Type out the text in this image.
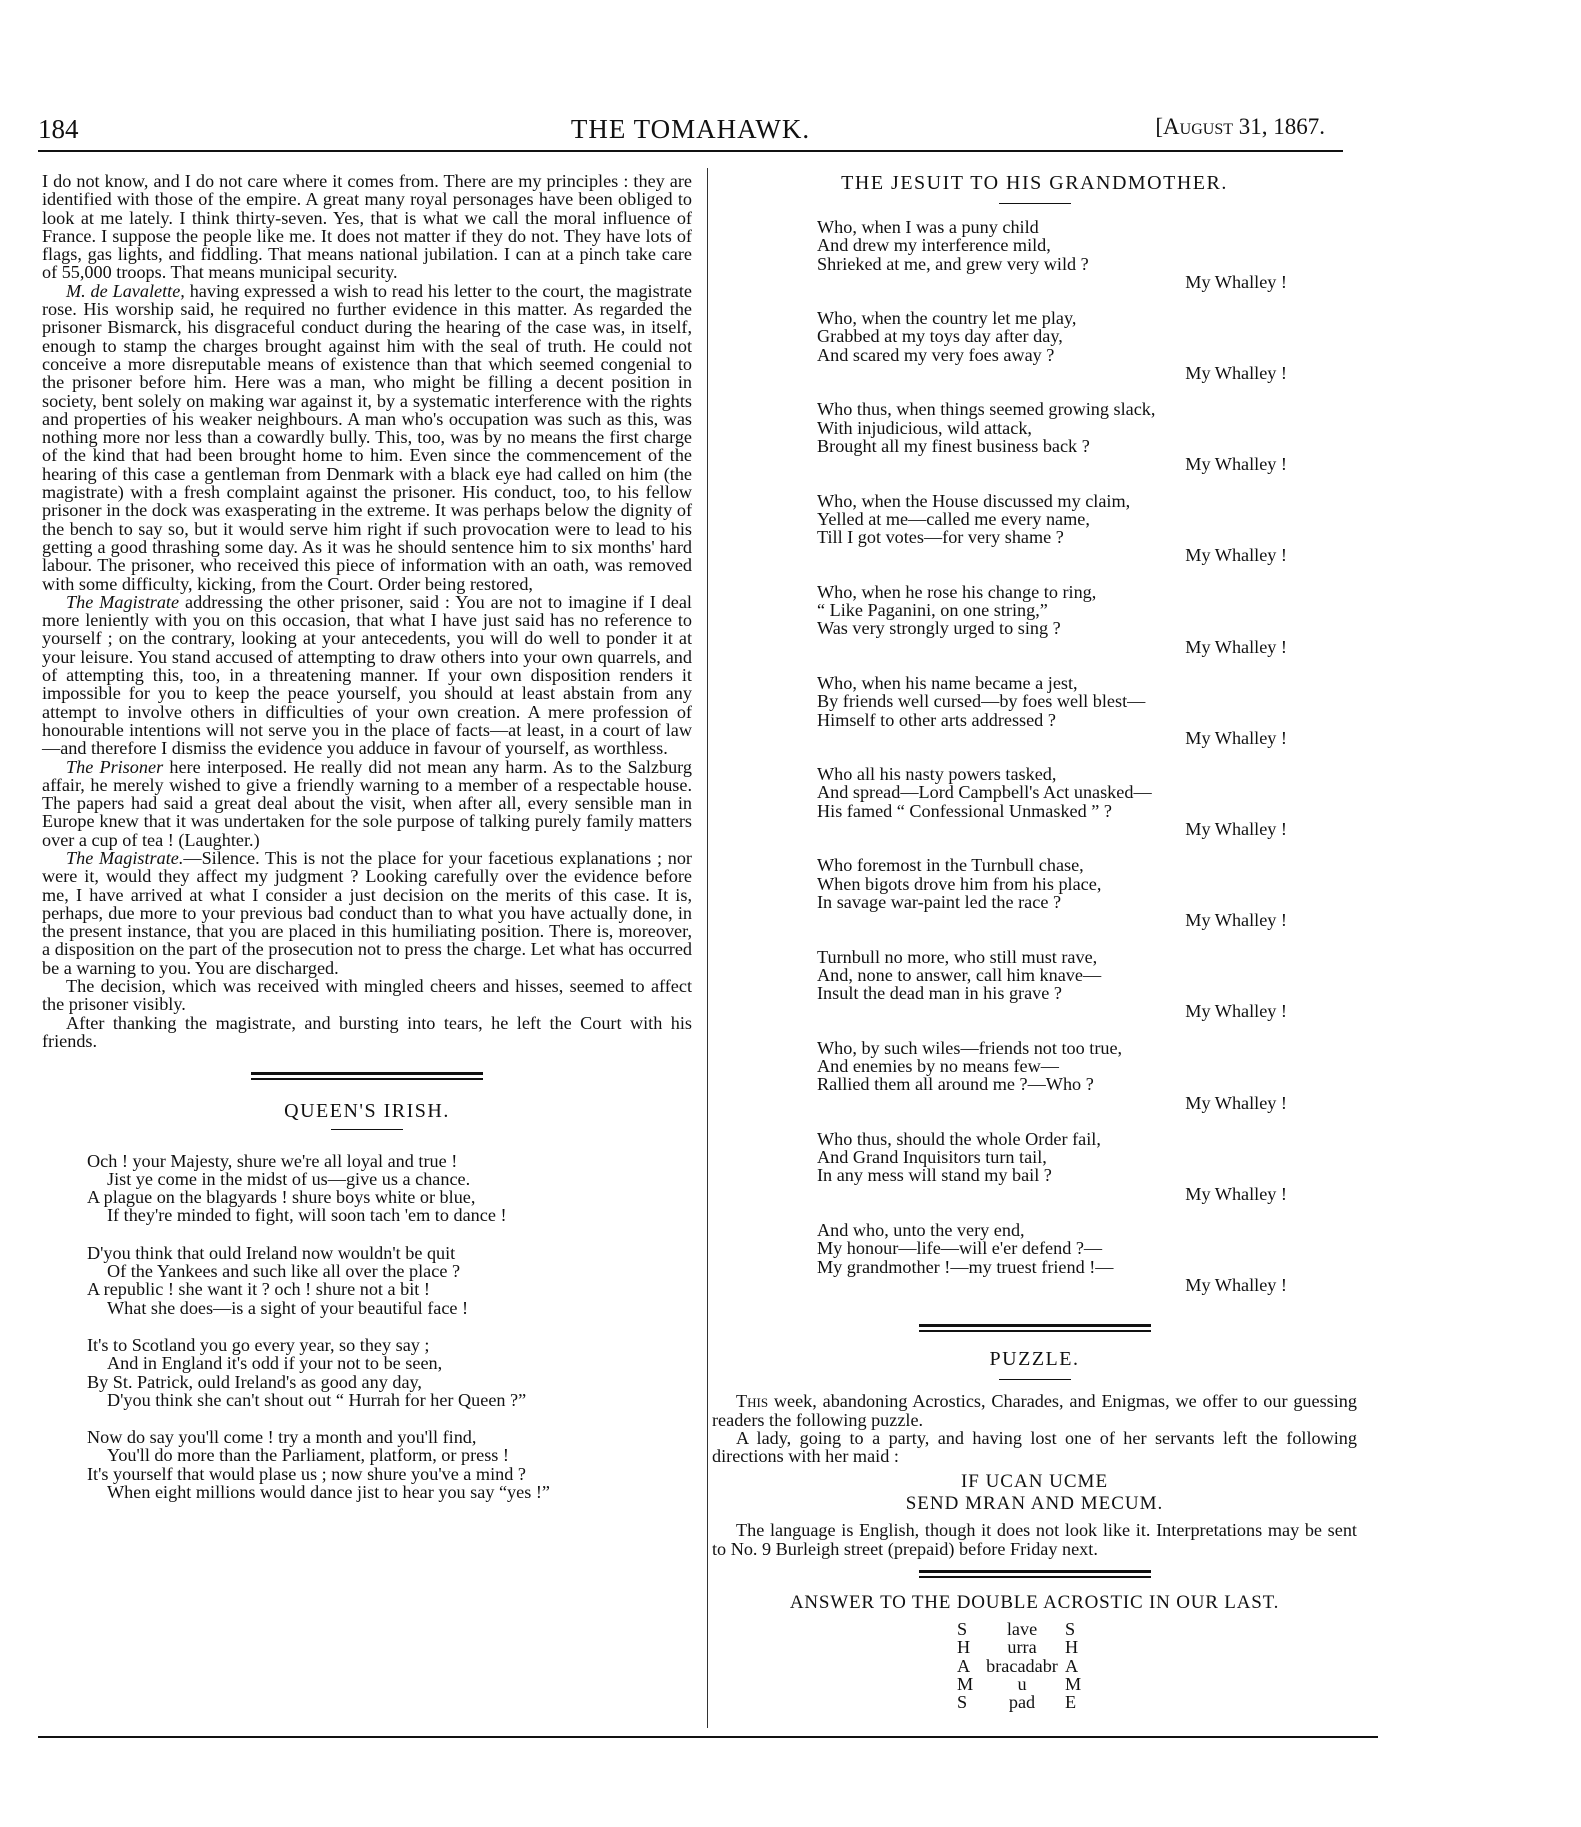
184	THE TOMAHAWK.	[August 31, 1867.

I do not know, and I do not care where it comes from. There are my principles : they are identified with those of the empire. A great many royal personages have been obliged to look at me lately. I think thirty-seven. Yes, that is what we call the moral influence of France. I suppose the people like me. It does not matter if they do not. They have lots of flags, gas lights, and fiddling. That means national jubilation. I can at a pinch take care of 55,000 troops. That means municipal security.

M. de Lavalette, having expressed a wish to read his letter to the court, the magistrate rose. His worship said, he required no further evidence in this matter. As regarded the prisoner Bismarck, his disgraceful conduct during the hearing of the case was, in itself, enough to stamp the charges brought against him with the seal of truth. He could not conceive a more disreputable means of existence than that which seemed congenial to the prisoner before him. Here was a man, who might be filling a decent position in society, bent solely on making war against it, by a systematic interference with the rights and properties of his weaker neighbours. A man who's occupation was such as this, was nothing more nor less than a cowardly bully. This, too, was by no means the first charge of the kind that had been brought home to him. Even since the commencement of the hearing of this case a gentleman from Denmark with a black eye had called on him (the magistrate) with a fresh complaint against the prisoner. His conduct, too, to his fellow prisoner in the dock was exasperating in the extreme. It was perhaps below the dignity of the bench to say so, but it would serve him right if such provocation were to lead to his getting a good thrashing some day. As it was he should sentence him to six months' hard labour. The prisoner, who received this piece of information with an oath, was removed with some difficulty, kicking, from the Court. Order being restored,

The Magistrate addressing the other prisoner, said : You are not to imagine if I deal more leniently with you on this occasion, that what I have just said has no reference to yourself ; on the contrary, looking at your antecedents, you will do well to ponder it at your leisure. You stand accused of attempting to draw others into your own quarrels, and of attempting this, too, in a threatening manner. If your own disposition renders it impossible for you to keep the peace yourself, you should at least abstain from any attempt to involve others in difficulties of your own creation. A mere profession of honourable intentions will not serve you in the place of facts—at least, in a court of law—and therefore I dismiss the evidence you adduce in favour of yourself, as worthless.

The Prisoner here interposed. He really did not mean any harm. As to the Salzburg affair, he merely wished to give a friendly warning to a member of a respectable house. The papers had said a great deal about the visit, when after all, every sensible man in Europe knew that it was undertaken for the sole purpose of talking purely family matters over a cup of tea ! (Laughter.)

The Magistrate.—Silence. This is not the place for your facetious explanations ; nor were it, would they affect my judgment ? Looking carefully over the evidence before me, I have arrived at what I consider a just decision on the merits of this case. It is, perhaps, due more to your previous bad conduct than to what you have actually done, in the present instance, that you are placed in this humiliating position. There is, moreover, a disposition on the part of the prosecution not to press the charge. Let what has occurred be a warning to you. You are discharged.

The decision, which was received with mingled cheers and hisses, seemed to affect the prisoner visibly.

After thanking the magistrate, and bursting into tears, he left the Court with his friends.

QUEEN'S IRISH.
Och ! your Majesty, shure we're all loyal and true !
Jist ye come in the midst of us—give us a chance.
A plague on the blagyards ! shure boys white or blue,
If they're minded to fight, will soon tach 'em to dance !
D'you think that ould Ireland now wouldn't be quit
Of the Yankees and such like all over the place ?
A republic ! she want it ? och ! shure not a bit !
What she does—is a sight of your beautiful face !
It's to Scotland you go every year, so they say ;
And in England it's odd if your not to be seen,
By St. Patrick, ould Ireland's as good any day,
D'you think she can't shout out “ Hurrah for her Queen ?”
Now do say you'll come ! try a month and you'll find,
You'll do more than the Parliament, platform, or press !
It's yourself that would plase us ; now shure you've a mind ?
When eight millions would dance jist to hear you say “yes !”
THE JESUIT TO HIS GRANDMOTHER.
Who, when I was a puny child
And drew my interference mild,
Shrieked at me, and grew very wild ?
My Whalley !
Who, when the country let me play,
Grabbed at my toys day after day,
And scared my very foes away ?
My Whalley !
Who thus, when things seemed growing slack,
With injudicious, wild attack,
Brought all my finest business back ?
My Whalley !
Who, when the House discussed my claim,
Yelled at me—called me every name,
Till I got votes—for very shame ?
My Whalley !
Who, when he rose his change to ring,
“ Like Paganini, on one string,”
Was very strongly urged to sing ?
My Whalley !
Who, when his name became a jest,
By friends well cursed—by foes well blest—
Himself to other arts addressed ?
My Whalley !
Who all his nasty powers tasked,
And spread—Lord Campbell's Act unasked—
His famed “ Confessional Unmasked ” ?
My Whalley !
Who foremost in the Turnbull chase,
When bigots drove him from his place,
In savage war-paint led the race ?
My Whalley !
Turnbull no more, who still must rave,
And, none to answer, call him knave—
Insult the dead man in his grave ?
My Whalley !
Who, by such wiles—friends not too true,
And enemies by no means few—
Rallied them all around me ?—Who ?
My Whalley !
Who thus, should the whole Order fail,
And Grand Inquisitors turn tail,
In any mess will stand my bail ?
My Whalley !
And who, unto the very end,
My honour—life—will e'er defend ?—
My grandmother !—my truest friend !—
My Whalley !
PUZZLE.

This week, abandoning Acrostics, Charades, and Enigmas, we offer to our guessing readers the following puzzle.

A lady, going to a party, and having lost one of her servants left the following directions with her maid :

IF UCAN UCME
SEND MRAN AND MECUM.

The language is English, though it does not look like it. Interpretations may be sent to No. 9 Burleigh street (prepaid) before Friday next.

ANSWER TO THE DOUBLE ACROSTIC IN OUR LAST.
S lave S
H urra H
A bracadabr A
M u M
S pad E
